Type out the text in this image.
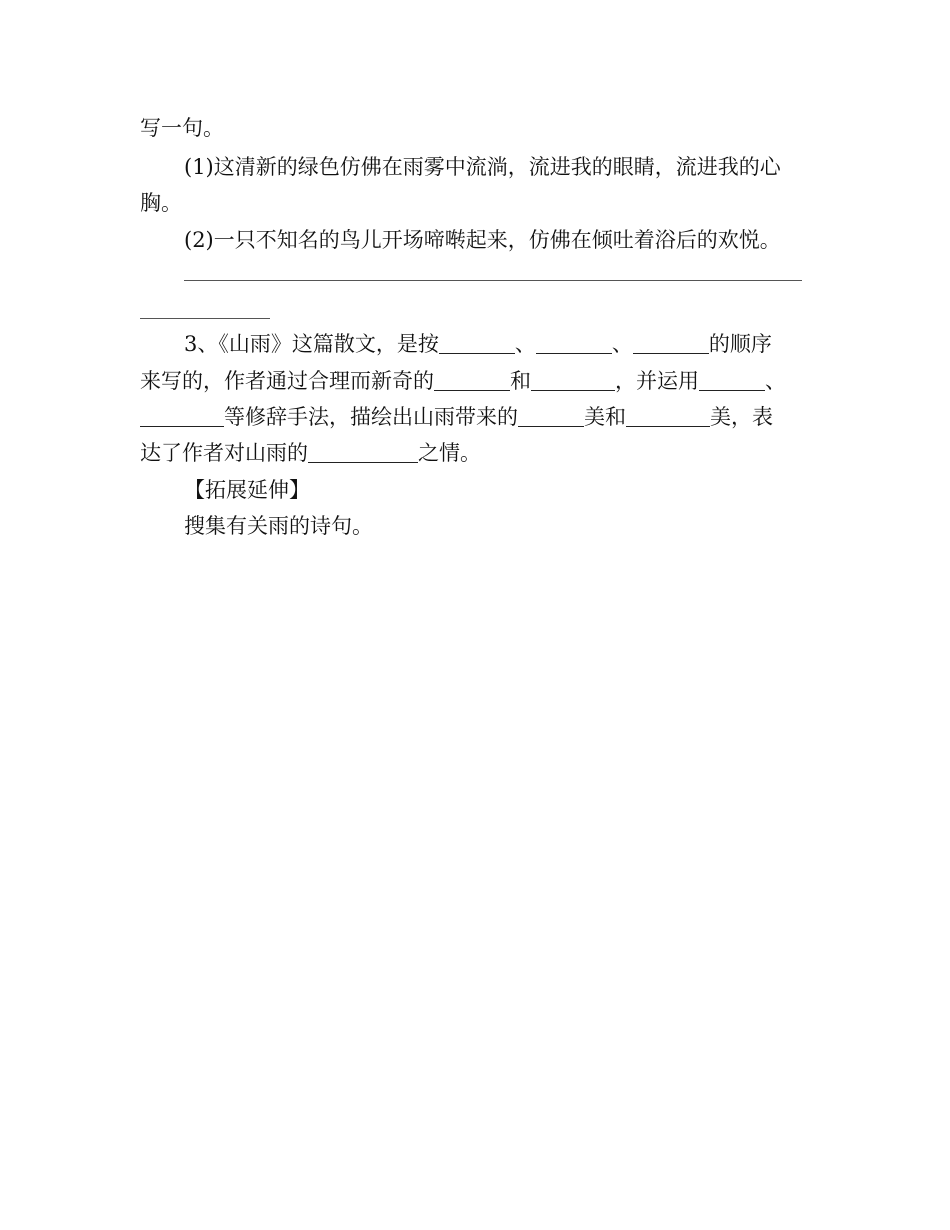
写一句。
(1)这清新的绿色仿佛在雨雾中流淌，流进我的眼睛，流进我的心
胸。
(2)一只不知名的鸟儿开场啼啭起来，仿佛在倾吐着浴后的欢悦。
3、《山雨》这篇散文，是按	、	、	的顺序
来写的，作者通过合理而新奇的	和	，并运用	、
等修辞手法，描绘出山雨带来的	美和	美，表
达了作者对山雨的	之情。
【拓展延伸】
搜集有关雨的诗句。
